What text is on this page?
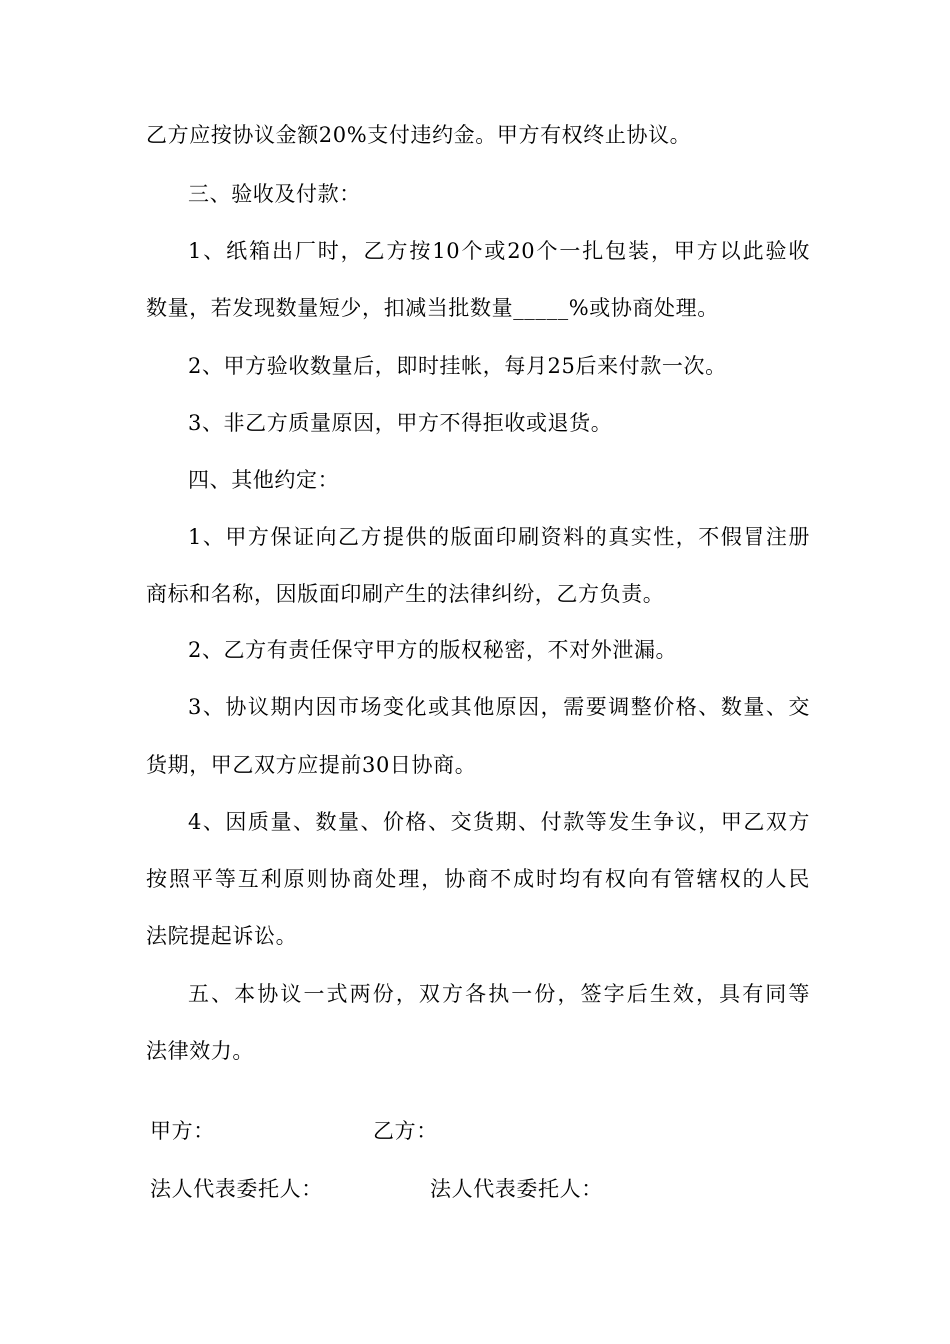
乙方应按协议金额20%支付违约金。甲方有权终止协议。
三、验收及付款：
1、纸箱出厂时，乙方按10个或20个一扎包装，甲方以此验收
数量，若发现数量短少，扣减当批数量_____%或协商处理。
2、甲方验收数量后，即时挂帐，每月25后来付款一次。
3、非乙方质量原因，甲方不得拒收或退货。
四、其他约定：
1、甲方保证向乙方提供的版面印刷资料的真实性，不假冒注册
商标和名称，因版面印刷产生的法律纠纷，乙方负责。
2、乙方有责任保守甲方的版权秘密，不对外泄漏。
3、协议期内因市场变化或其他原因，需要调整价格、数量、交
货期，甲乙双方应提前30日协商。
4、因质量、数量、价格、交货期、付款等发生争议，甲乙双方
按照平等互利原则协商处理，协商不成时均有权向有管辖权的人民
法院提起诉讼。
五、本协议一式两份，双方各执一份，签字后生效，具有同等
法律效力。
甲方：	乙方：
法人代表委托人：	法人代表委托人：
